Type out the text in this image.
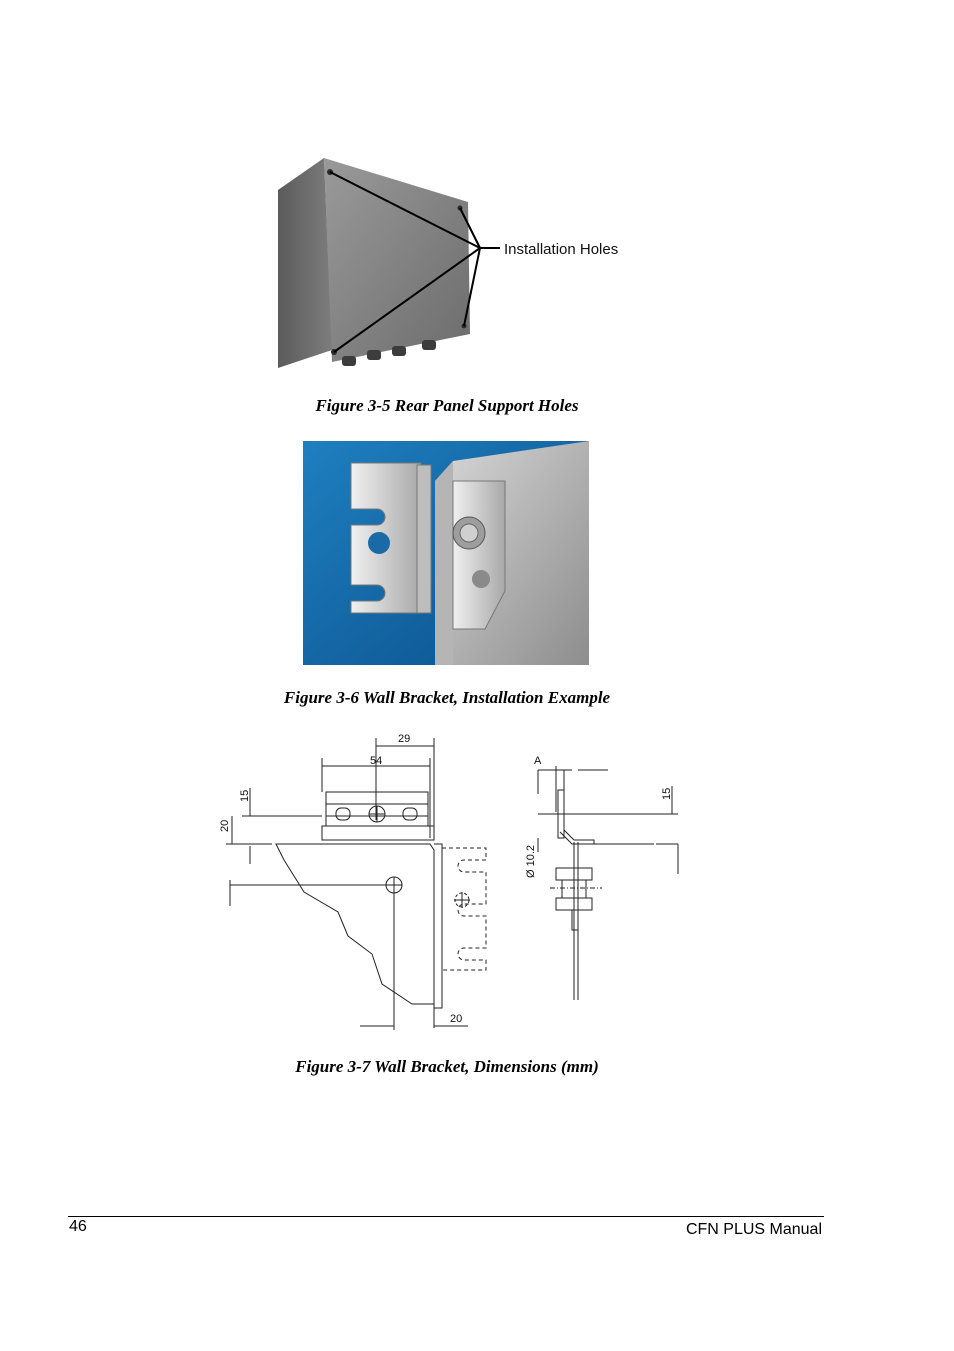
Installation Holes
Figure 3-5 Rear Panel Support Holes
Figure 3-6 Wall Bracket, Installation Example
29
54
15
20
20
A
15
Ø 10.2
Figure 3-7 Wall Bracket, Dimensions (mm)
46	CFN PLUS Manual
